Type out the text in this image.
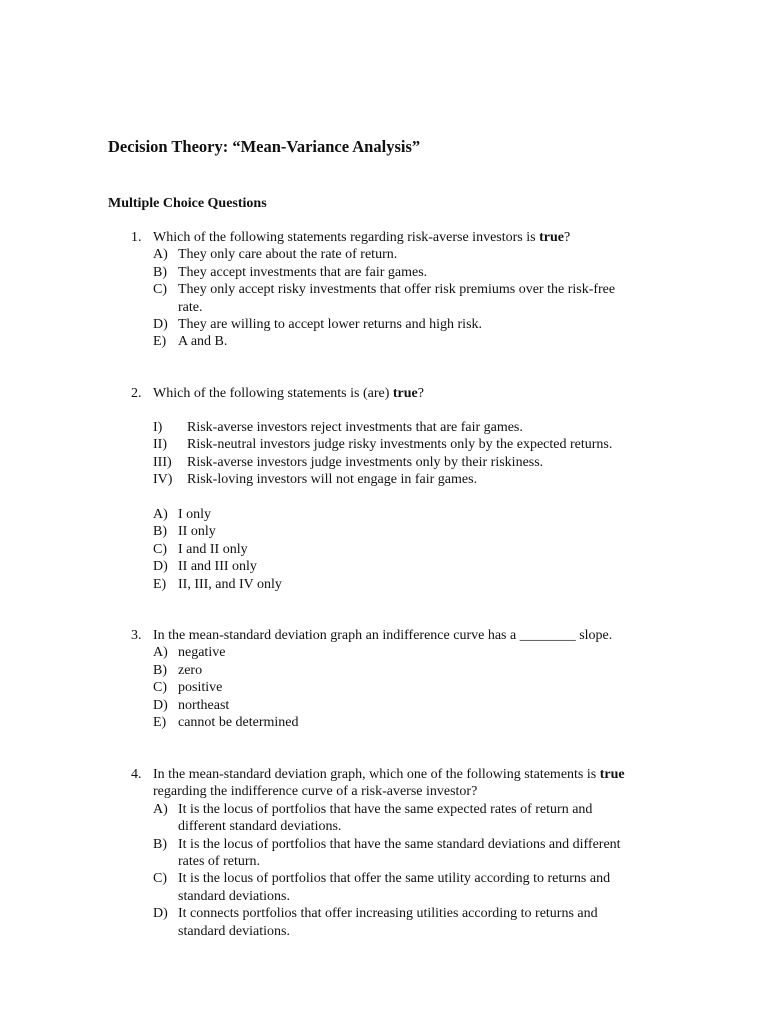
Decision Theory: “Mean-Variance Analysis”
Multiple Choice Questions
1. Which of the following statements regarding risk-averse investors is true?
A) They only care about the rate of return.
B) They accept investments that are fair games.
C) They only accept risky investments that offer risk premiums over the risk-free
rate.
D) They are willing to accept lower returns and high risk.
E) A and B.
2. Which of the following statements is (are) true?
I) Risk-averse investors reject investments that are fair games.
II) Risk-neutral investors judge risky investments only by the expected returns.
III) Risk-averse investors judge investments only by their riskiness.
IV) Risk-loving investors will not engage in fair games.
A) I only
B) II only
C) I and II only
D) II and III only
E) II, III, and IV only
3. In the mean-standard deviation graph an indifference curve has a ________ slope.
A) negative
B) zero
C) positive
D) northeast
E) cannot be determined
4. In the mean-standard deviation graph, which one of the following statements is true
regarding the indifference curve of a risk-averse investor?
A) It is the locus of portfolios that have the same expected rates of return and
different standard deviations.
B) It is the locus of portfolios that have the same standard deviations and different
rates of return.
C) It is the locus of portfolios that offer the same utility according to returns and
standard deviations.
D) It connects portfolios that offer increasing utilities according to returns and
standard deviations.
